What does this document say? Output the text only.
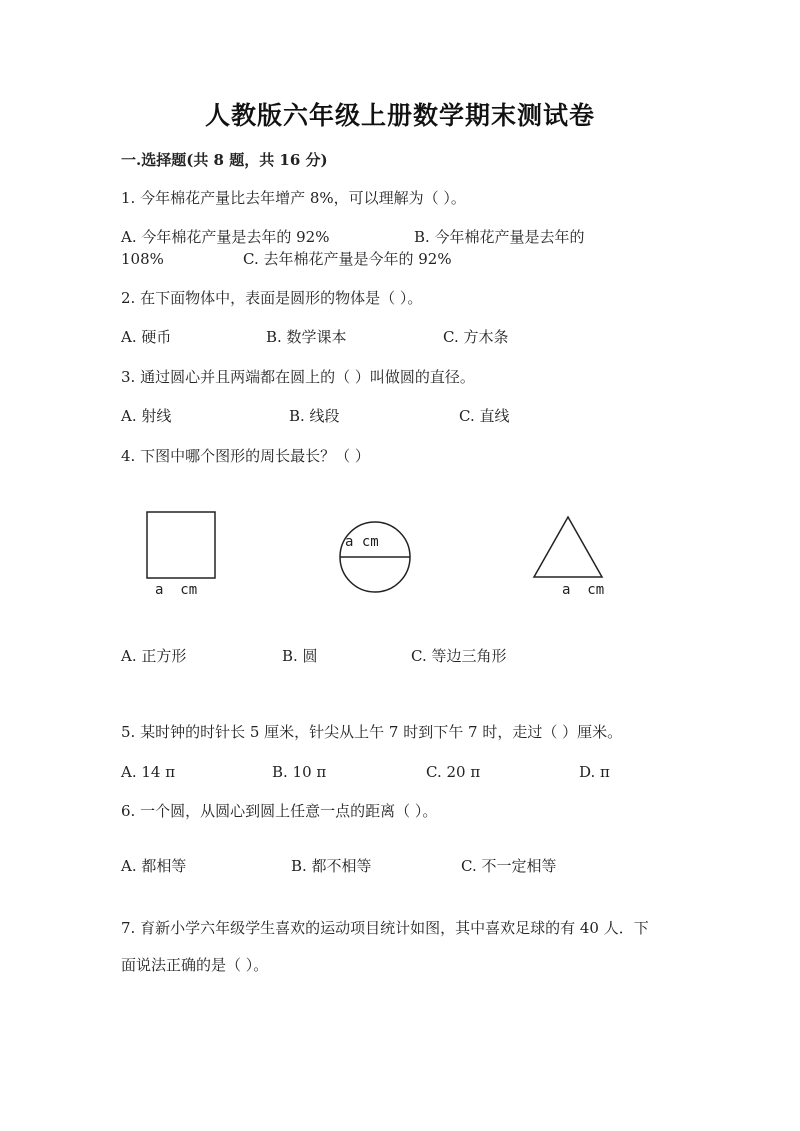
人教版六年级上册数学期末测试卷
一.选择题(共 8 题，共 16 分)
1. 今年棉花产量比去年增产 8%，可以理解为（ ）。
A. 今年棉花产量是去年的 92%	B. 今年棉花产量是去年的
108%	C. 去年棉花产量是今年的 92%
2. 在下面物体中，表面是圆形的物体是（ ）。
A. 硬币	B. 数学课本	C. 方木条
3. 通过圆心并且两端都在圆上的（ ）叫做圆的直径。
A. 射线	B. 线段	C. 直线
4. 下图中哪个图形的周长最长？（ ）
a  cm
a cm
a  cm
A. 正方形	B. 圆	C. 等边三角形
5. 某时钟的时针长 5 厘米，针尖从上午 7 时到下午 7 时，走过（ ）厘米。
A. 14 π	B. 10 π	C. 20 π	D. π
6. 一个圆，从圆心到圆上任意一点的距离（ ）。
A. 都相等	B. 都不相等	C. 不一定相等
7. 育新小学六年级学生喜欢的运动项目统计如图，其中喜欢足球的有 40 人．下
面说法正确的是（ ）。
